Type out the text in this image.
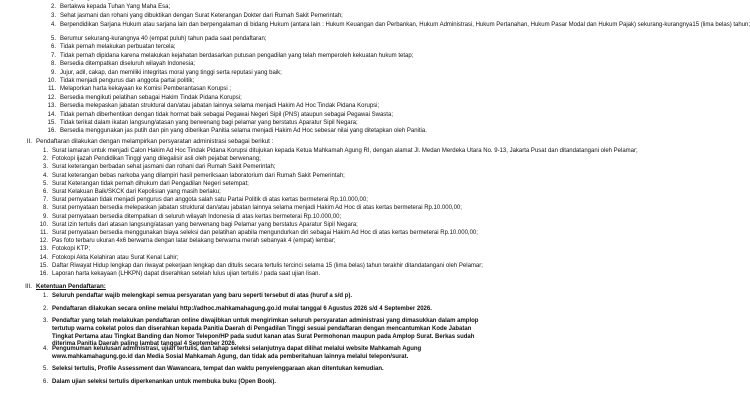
2. Bertakwa kepada Tuhan Yang Maha Esa;
3. Sehat jasmani dan rohani yang dibuktikan dengan Surat Keterangan Dokter dari Rumah Sakit Pemerintah;
4. Berpendidikan Sarjana Hukum atau sarjana lain dan berpengalaman di bidang Hukum (antara lain : Hukum Keuangan dan Perbankan, Hukum Administrasi, Hukum Pertanahan, Hukum Pasar Modal dan Hukum Pajak) sekurang-kurangnya15 (lima belas) tahun;
5. Berumur sekurang-kurangnya 40 (empat puluh) tahun pada saat pendaftaran;
6. Tidak pernah melakukan perbuatan tercela;
7. Tidak pernah dipidana karena melakukan kejahatan berdasarkan putusan pengadilan yang telah memperoleh kekuatan hukum tetap;
8. Bersedia ditempatkan diseluruh wilayah Indonesia;
9. Jujur, adil, cakap, dan memiliki integritas moral yang tinggi serta reputasi yang baik;
10. Tidak menjadi pengurus dan anggota partai politik;
11. Melaporkan harta kekayaan ke Komisi Pemberantasan Korupsi ;
12. Bersedia mengikuti pelatihan sebagai Hakim Tindak Pidana Korupsi;
13. Bersedia melepaskan jabatan struktural dan/atau jabatan lainnya selama menjadi Hakim Ad Hoc Tindak Pidana Korupsi;
14. Tidak pernah diberhentikan dengan tidak hormat baik sebagai Pegawai Negeri Sipil (PNS) ataupun sebagai Pegawai Swasta;
15. Tidak terikat dalam ikatan langsung/atasan yang berwenang bagi pelamar yang berstatus Aparatur Sipil Negara;
16. Bersedia menggunakan jas putih dan pin yang diberikan Panitia selama menjadi Hakim Ad Hoc sebesar nilai yang ditetapkan oleh Panitia.
II. Pendaftaran dilakukan dengan melampirkan persyaratan administrasi sebagai berikut :
1. Surat lamaran untuk menjadi Calon Hakim Ad Hoc Tindak Pidana Korupsi ditujukan kepada Ketua Mahkamah Agung RI, dengan alamat Jl. Medan Merdeka Utara No. 9-13, Jakarta Pusat dan ditandatangani oleh Pelamar;
2. Fotokopi ijazah Pendidikan Tinggi yang dilegalisir asli oleh pejabat berwenang;
3. Surat keterangan berbadan sehat jasmani dan rohani dari Rumah Sakit Pemerintah;
4. Surat keterangan bebas narkoba yang dilampiri hasil pemeriksaan laboratorium dari Rumah Sakit Pemerintah;
5. Surat Keterangan tidak pernah dihukum dari Pengadilan Negeri setempat;
6. Surat Kelakuan Baik/SKCK dari Kepolisian yang masih berlaku;
7. Surat pernyataan tidak menjadi pengurus dan anggota salah satu Partai Politik di atas kertas bermeterai Rp.10.000,00;
8. Surat pernyataan bersedia melepaskan jabatan struktural dan/atau jabatan lainnya selama menjadi Hakim Ad Hoc di atas kertas bermeterai Rp.10.000,00;
9. Surat pernyataan bersedia ditempatkan di seluruh wilayah Indonesia di atas kertas bermeterai Rp.10.000,00;
10. Surat izin tertulis dari atasan langsung/atasan yang berwenang bagi Pelamar yang berstatus Aparatur Sipil Negara;
11. Surat pernyataan bersedia menggunakan biaya seleksi dan pelatihan apabila mengundurkan diri sebagai Hakim Ad Hoc di atas kertas bermeterai Rp.10.000,00;
12. Pas foto terbaru ukuran 4x6 berwarna dengan latar belakang berwarna merah sebanyak 4 (empat) lembar;
13. Fotokopi KTP;
14. Fotokopi Akta Kelahiran atau Surat Kenal Lahir;
15. Daftar Riwayat Hidup lengkap dan riwayat pekerjaan lengkap dan ditulis secara tertulis tercinci selama 15 (lima belas) tahun terakhir ditandatangani oleh Pelamar;
16. Laporan harta kekayaan (LHKPN) dapat diserahkan setelah lulus ujian tertulis / pada saat ujian lisan.
III. Ketentuan Pendaftaran:
1. Seluruh pendaftar wajib melengkapi semua persyaratan yang baru seperti tersebut di atas (huruf a s/d p).
2. Pendaftaran dilakukan secara online melalui http://adhoc.mahkamahagung.go.id mulai tanggal 6 Agustus 2026 s/d 4 September 2026.
3. Pendaftar yang telah melakukan pendaftaran online diwajibkan untuk mengirimkan seluruh persyaratan administrasi yang dimasukkan dalam amplop tertutup warna cokelat polos dan diserahkan kepada Panitia Daerah di Pengadilan Tinggi sesuai pendaftaran dengan mencantumkan Kode Jabatan Tingkat Pertama atau Tingkat Banding dan Nomor Telepon/HP pada sudut kanan atas Surat Permohonan maupun pada Amplop Surat. Berkas sudah diterima Panitia Daerah paling lambat tanggal 4 September 2026.
4. Pengumuman kelulusan administrasi, ujian tertulis, dan tahap seleksi selanjutnya dapat dilihat melalui website Mahkamah Agung www.mahkamahagung.go.id dan Media Sosial Mahkamah Agung, dan tidak ada pemberitahuan lainnya melalui telepon/surat.
5. Seleksi tertulis, Profile Assessment dan Wawancara, tempat dan waktu penyelenggaraan akan ditentukan kemudian.
6. Dalam ujian seleksi tertulis diperkenankan untuk membuka buku (Open Book).
